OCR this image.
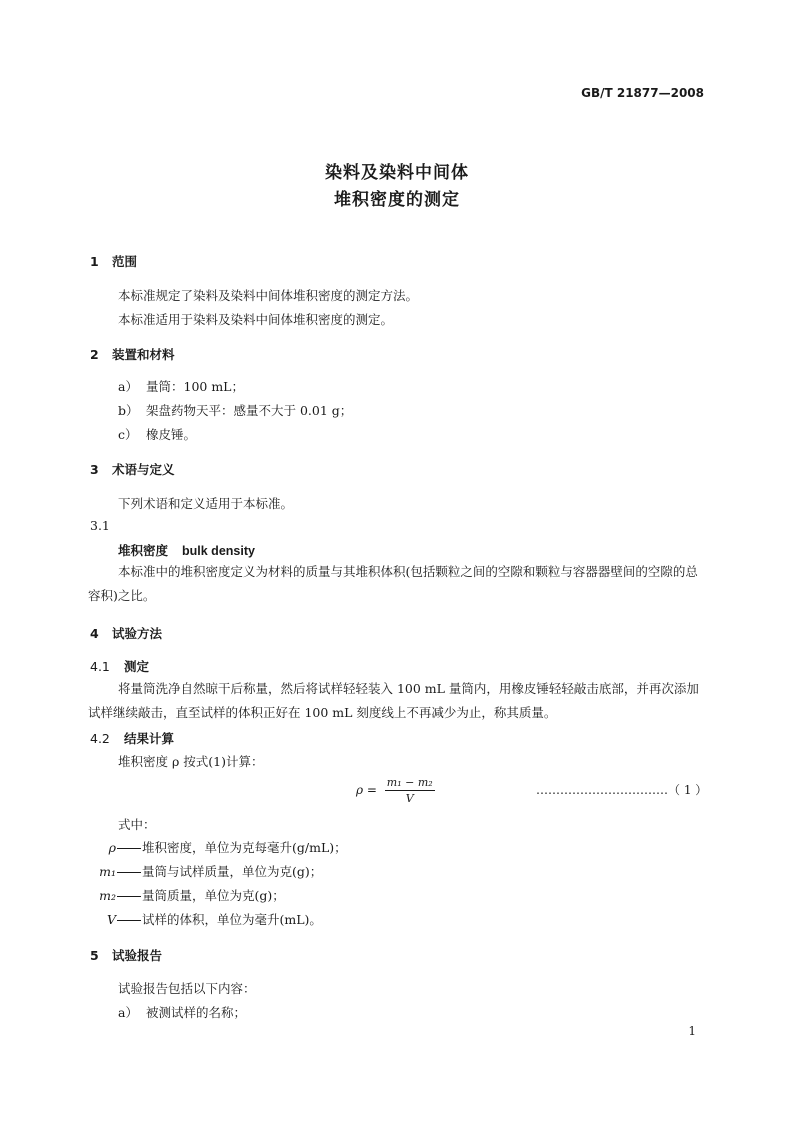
GB/T 21877—2008
染料及染料中间体
堆积密度的测定
1 范围
本标准规定了染料及染料中间体堆积密度的测定方法。
本标准适用于染料及染料中间体堆积密度的测定。
2 装置和材料
a） 量筒：100 mL；
b） 架盘药物天平：感量不大于 0.01 g；
c） 橡皮锤。
3 术语与定义
下列术语和定义适用于本标准。
3.1
堆积密度 bulk density
本标准中的堆积密度定义为材料的质量与其堆积体积(包括颗粒之间的空隙和颗粒与容器器壁间的空隙的总容积)之比。
4 试验方法
4.1 测定
将量筒洗净自然晾干后称量，然后将试样轻轻装入 100 mL 量筒内，用橡皮锤轻轻敲击底部，并再次添加试样继续敲击，直至试样的体积正好在 100 mL 刻度线上不再减少为止，称其质量。
4.2 结果计算
堆积密度 ρ 按式(1)计算：
$\rho = \frac{\text{m₁ − m₂}}{V}$	……………………………（ 1 ）
式中：
ρ 堆积密度，单位为克每毫升(g/mL)；
m₁ 量筒与试样质量，单位为克(g)；
m₂ 量筒质量，单位为克(g)；
V 试样的体积，单位为毫升(mL)。
5 试验报告
试验报告包括以下内容：
a） 被测试样的名称；
1
